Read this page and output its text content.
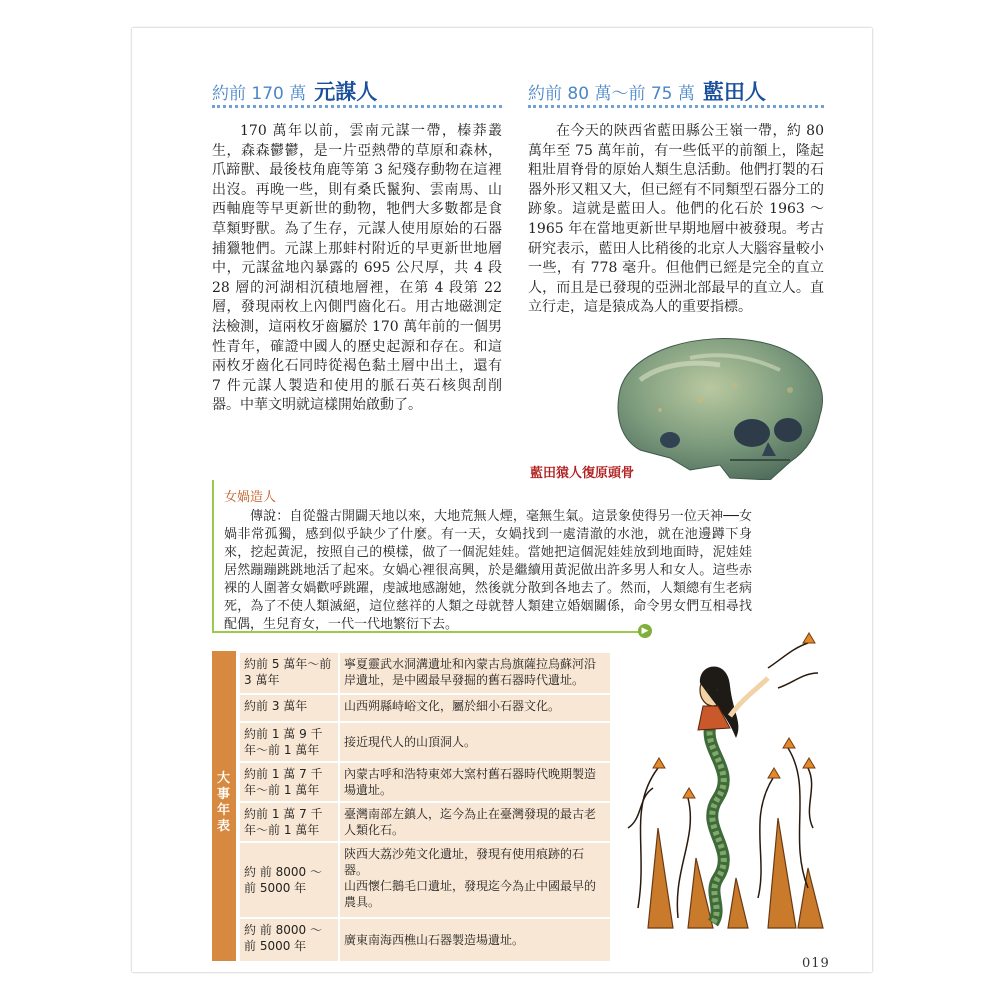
約前 170 萬 元謀人	約前 80 萬～前 75 萬 藍田人

170 萬年以前，雲南元謀一帶，榛莽叢生，森森鬱鬱，是一片亞熱帶的草原和森林，爪蹄獸、最後枝角鹿等第 3 紀殘存動物在這裡出沒。再晚一些，則有桑氏鬣狗、雲南馬、山西軸鹿等早更新世的動物，牠們大多數都是食草類野獸。為了生存，元謀人使用原始的石器捕獵牠們。元謀上那蚌村附近的早更新世地層中，元謀盆地內暴露的 695 公尺厚，共 4 段 28 層的河湖相沉積地層裡，在第 4 段第 22 層，發現兩枚上內側門齒化石。用古地磁測定法檢測，這兩枚牙齒屬於 170 萬年前的一個男性青年，確證中國人的歷史起源和存在。和這兩枚牙齒化石同時從褐色黏土層中出土，還有 7 件元謀人製造和使用的脈石英石核與刮削器。中華文明就這樣開始啟動了。

在今天的陝西省藍田縣公王嶺一帶，約 80 萬年至 75 萬年前，有一些低平的前額上，隆起粗壯眉脊骨的原始人類生息活動。他們打製的石器外形又粗又大，但已經有不同類型石器分工的跡象。這就是藍田人。他們的化石於 1963 ～ 1965 年在當地更新世早期地層中被發現。考古研究表示，藍田人比稍後的北京人大腦容量較小一些，有 778 毫升。但他們已經是完全的直立人，而且是已發現的亞洲北部最早的直立人。直立行走，這是猿成為人的重要指標。

藍田猿人復原頭骨
▶
女媧造人

傳說：自從盤古開闢天地以來，大地荒無人煙，毫無生氣。這景象使得另一位天神──女媧非常孤獨，感到似乎缺少了什麼。有一天，女媧找到一處清澈的水池，就在池邊蹲下身來，挖起黃泥，按照自己的模樣，做了一個泥娃娃。當她把這個泥娃娃放到地面時，泥娃娃居然蹦蹦跳跳地活了起來。女媧心裡很高興，於是繼續用黃泥做出許多男人和女人。這些赤裸的人圍著女媧歡呼跳躍，虔誠地感謝她，然後就分散到各地去了。然而，人類總有生老病死，為了不使人類滅絕，這位慈祥的人類之母就替人類建立婚姻關係，命令男女們互相尋找配偶，生兒育女，一代一代地繁衍下去。

大事年表
約前 5 萬年～前 3 萬年	寧夏靈武水洞溝遺址和內蒙古烏旗薩拉烏蘇河沿岸遺址，是中國最早發掘的舊石器時代遺址。
約前 3 萬年	山西朔縣峙峪文化，屬於細小石器文化。
約前 1 萬 9 千年～前 1 萬年	接近現代人的山頂洞人。
約前 1 萬 7 千年～前 1 萬年	內蒙古呼和浩特東郊大窯村舊石器時代晚期製造場遺址。
約前 1 萬 7 千年～前 1 萬年	臺灣南部左鎮人，迄今為止在臺灣發現的最古老人類化石。
約 前 8000 ～ 前 5000 年	陝西大荔沙苑文化遺址，發現有使用痕跡的石器。
山西懷仁鵝毛口遺址，發現迄今為止中國最早的農具。

約 前 8000 ～ 前 5000 年	廣東南海西樵山石器製造場遺址。
019
